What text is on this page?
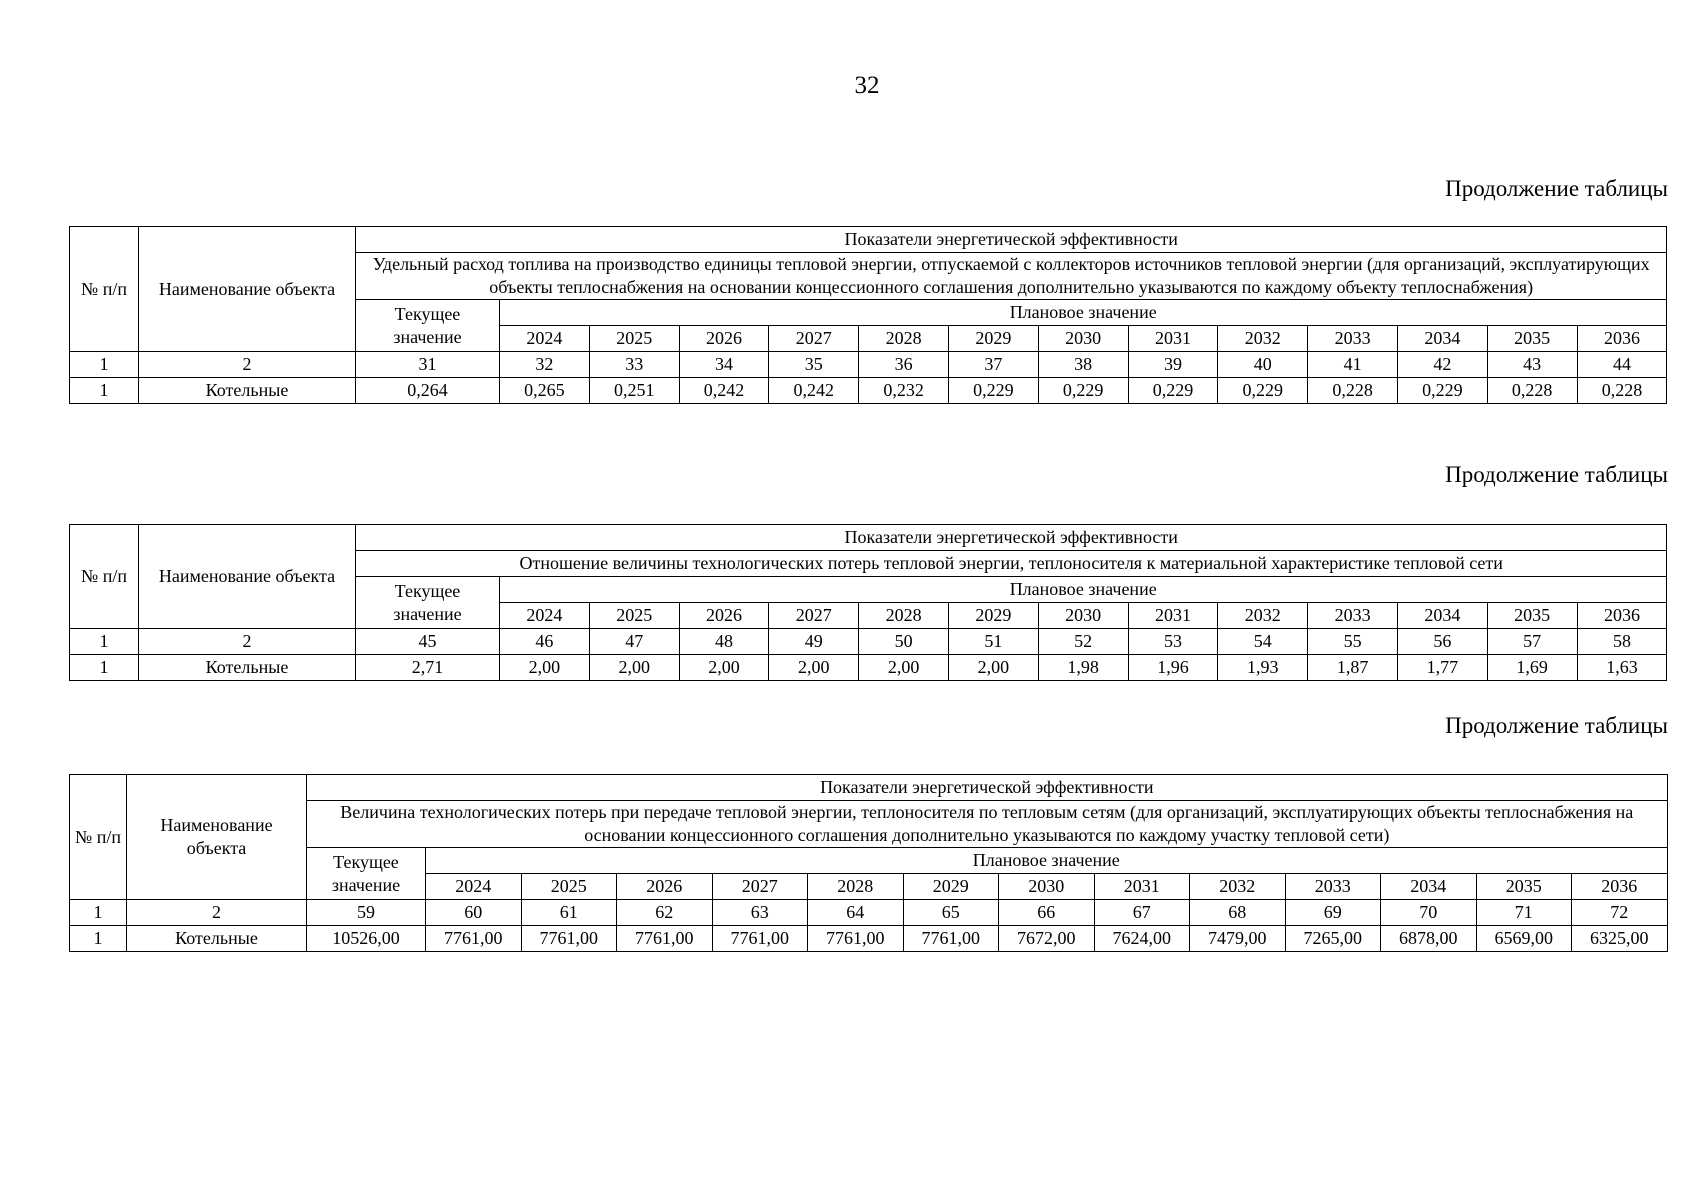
32
Продолжение таблицы
Продолжение таблицы
Продолжение таблицы
№ п/п	Наименование объекта	Показатели энергетической эффективности													
		Удельный расход топлива на производство единицы тепловой энергии, отпускаемой с коллекторов источников тепловой энергии (для организаций, эксплуатирующих объекты теплоснабжения на основании концессионного соглашения дополнительно указываются по каждому объекту теплоснабжения)													
		Текущее значение	Плановое значение												
			2024	2025	2026	2027	2028	2029	2030	2031	2032	2033	2034	2035	2036
1	2	31	32	33	34	35	36	37	38	39	40	41	42	43	44
1	Котельные	0,264	0,265	0,251	0,242	0,242	0,232	0,229	0,229	0,229	0,229	0,228	0,229	0,228	0,228
№ п/п	Наименование объекта	Показатели энергетической эффективности													
		Отношение величины технологических потерь тепловой энергии, теплоносителя к материальной характеристике тепловой сети													
		Текущее значение	Плановое значение												
			2024	2025	2026	2027	2028	2029	2030	2031	2032	2033	2034	2035	2036
1	2	45	46	47	48	49	50	51	52	53	54	55	56	57	58
1	Котельные	2,71	2,00	2,00	2,00	2,00	2,00	2,00	1,98	1,96	1,93	1,87	1,77	1,69	1,63
№ п/п	Наименование объекта	Показатели энергетической эффективности													
		Величина технологических потерь при передаче тепловой энергии, теплоносителя по тепловым сетям (для организаций, эксплуатирующих объекты теплоснабжения на основании концессионного соглашения дополнительно указываются по каждому участку тепловой сети)													
		Текущее значение	Плановое значение												
			2024	2025	2026	2027	2028	2029	2030	2031	2032	2033	2034	2035	2036
1	2	59	60	61	62	63	64	65	66	67	68	69	70	71	72
1	Котельные	10526,00	7761,00	7761,00	7761,00	7761,00	7761,00	7761,00	7672,00	7624,00	7479,00	7265,00	6878,00	6569,00	6325,00
